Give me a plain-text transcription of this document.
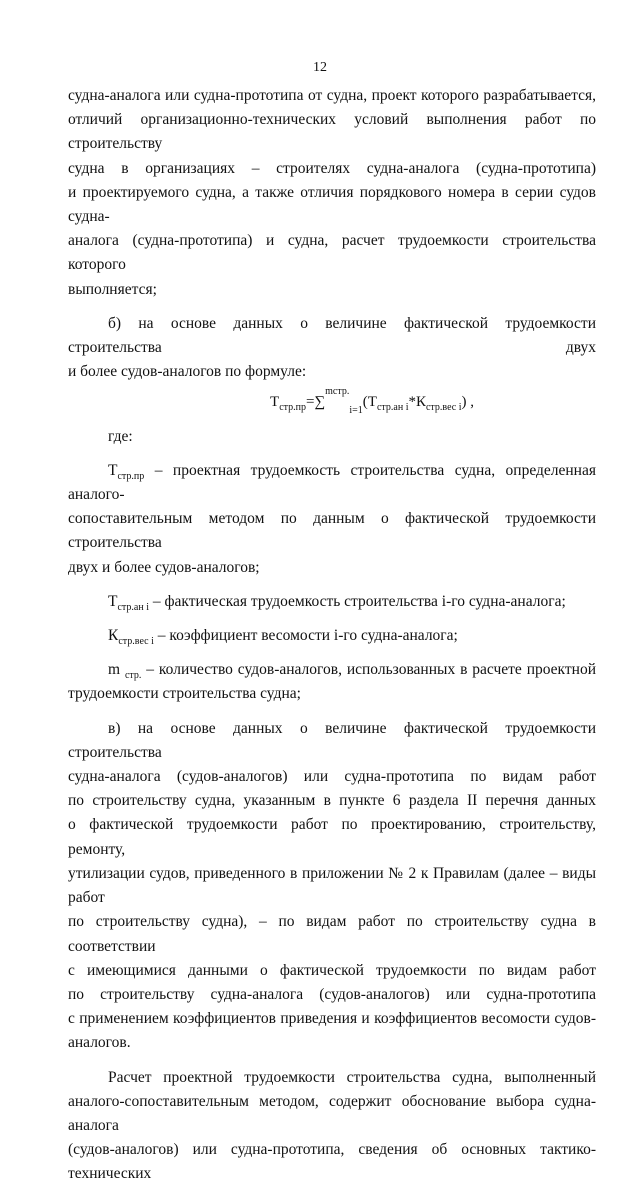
12

судна-аналога или судна-прототипа от судна, проект которого разрабатывается,

отличий организационно-технических условий выполнения работ по строительству

судна в организациях – строителях судна-аналога (судна-прототипа)

и проектируемого судна, а также отличия порядкового номера в серии судов судна-

аналога (судна-прототипа) и судна, расчет трудоемкости строительства которого

выполняется;

б) на основе данных о величине фактической трудоемкости строительства двух

и более судов-аналогов по формуле:

$Т_{стр.пр}=\sum^{mстр.}_{i=1}(Т_{стр.ан i}*К_{стр.вес i})$ ,

где:

$Т_{стр.пр}$ – проектная трудоемкость строительства судна, определенная аналого-

сопоставительным методом по данным о фактической трудоемкости строительства

двух и более судов-аналогов;

$Т_{стр.ан i}$ – фактическая трудоемкость строительства i-го судна-аналога;

$К_{стр.вес i}$ – коэффициент весомости i-го судна-аналога;

m $_{стр.}$ – количество судов-аналогов, использованных в расчете проектной

трудоемкости строительства судна;

в) на основе данных о величине фактической трудоемкости строительства

судна-аналога (судов-аналогов) или судна-прототипа по видам работ

по строительству судна, указанным в пункте 6 раздела II перечня данных

о фактической трудоемкости работ по проектированию, строительству, ремонту,

утилизации судов, приведенного в приложении № 2 к Правилам (далее – виды работ

по строительству судна), – по видам работ по строительству судна в соответствии

с имеющимися данными о фактической трудоемкости по видам работ

по строительству судна-аналога (судов-аналогов) или судна-прототипа

с применением коэффициентов приведения и коэффициентов весомости судов-

аналогов.

Расчет проектной трудоемкости строительства судна, выполненный

аналого-сопоставительным методом, содержит обоснование выбора судна-аналога

(судов-аналогов) или судна-прототипа, сведения об основных тактико-технических
